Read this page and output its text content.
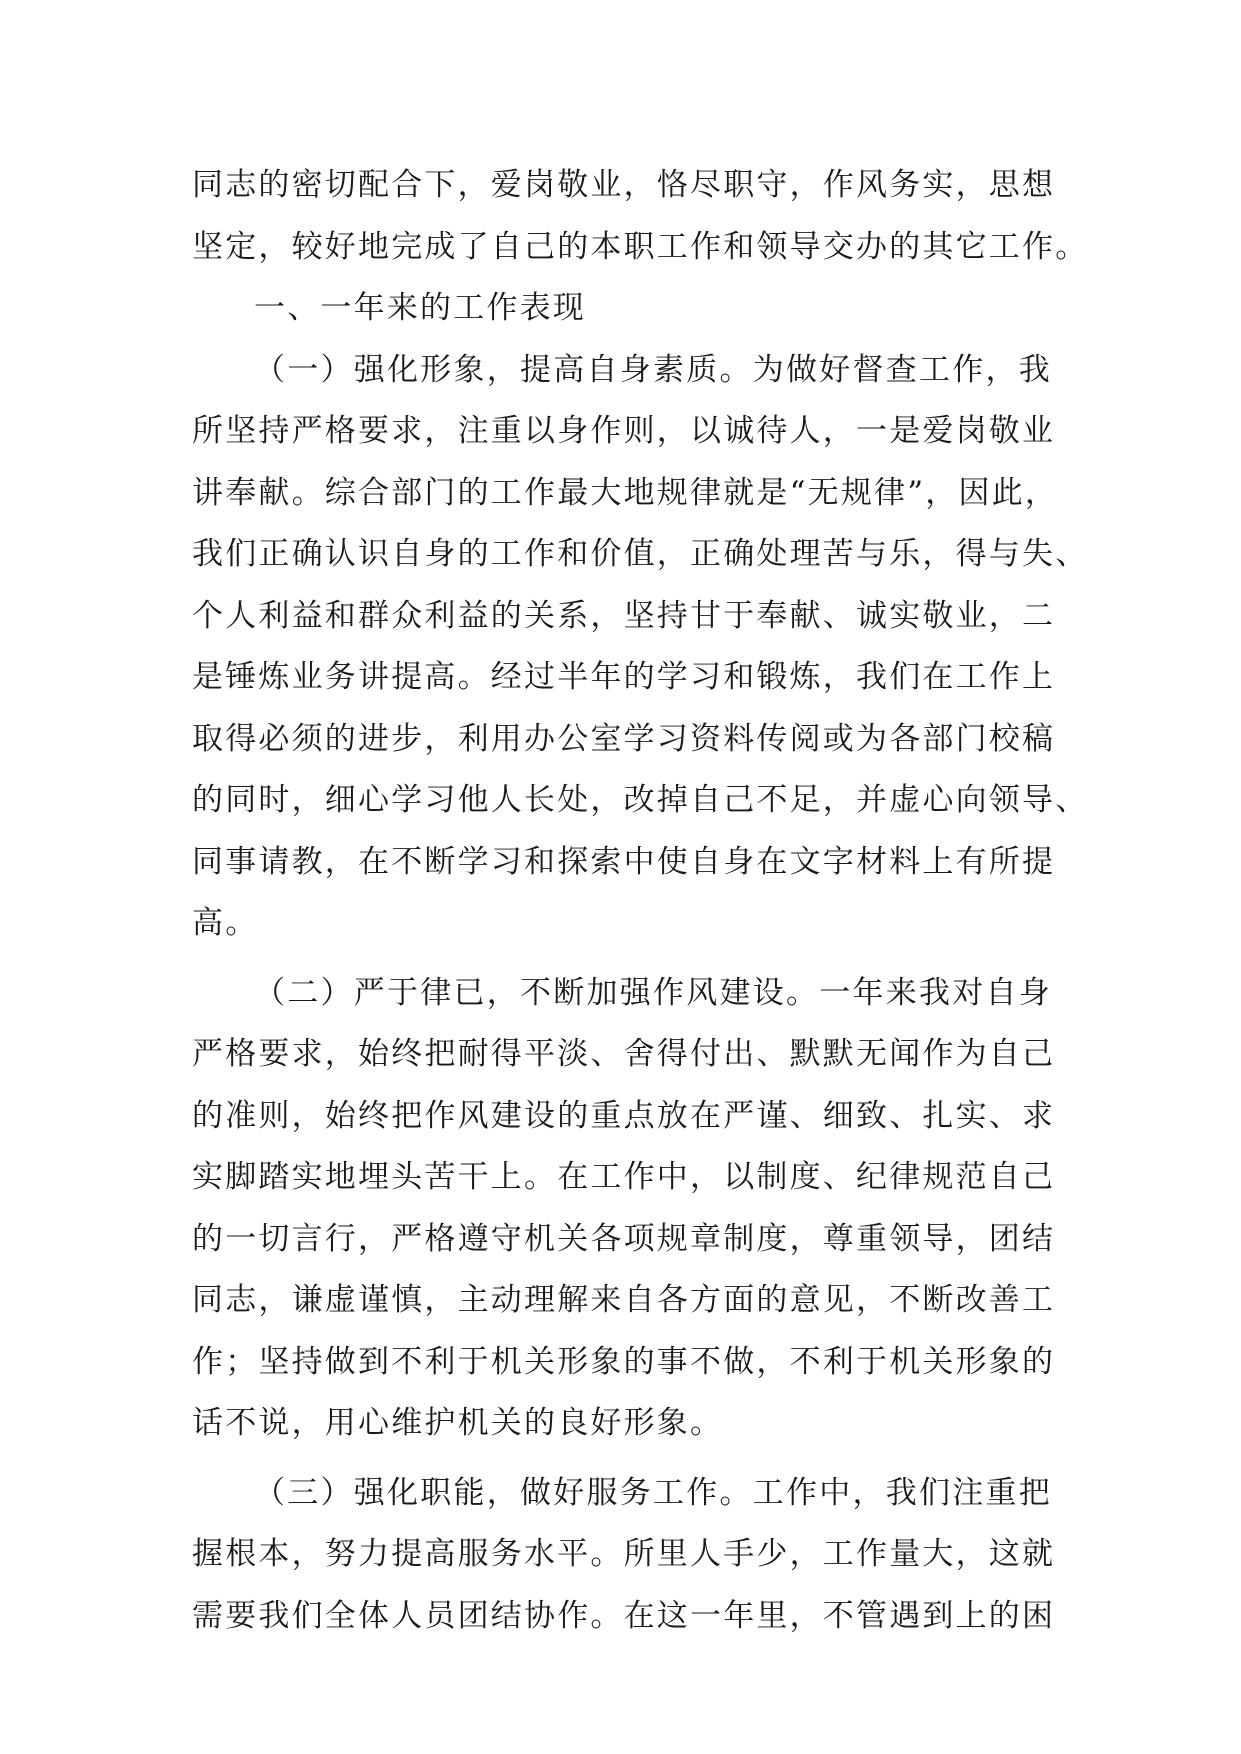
同志的密切配合下，爱岗敬业，恪尽职守，作风务实，思想
坚定，较好地完成了自己的本职工作和领导交办的其它工作。
一、一年来的工作表现
（一）强化形象，提高自身素质。为做好督查工作，我
所坚持严格要求，注重以身作则，以诚待人，一是爱岗敬业
讲奉献。综合部门的工作最大地规律就是“无规律”，因此，
我们正确认识自身的工作和价值，正确处理苦与乐，得与失、
个人利益和群众利益的关系，坚持甘于奉献、诚实敬业，二
是锤炼业务讲提高。经过半年的学习和锻炼，我们在工作上
取得必须的进步，利用办公室学习资料传阅或为各部门校稿
的同时，细心学习他人长处，改掉自己不足，并虚心向领导、
同事请教，在不断学习和探索中使自身在文字材料上有所提
高。
（二）严于律已，不断加强作风建设。一年来我对自身
严格要求，始终把耐得平淡、舍得付出、默默无闻作为自己
的准则，始终把作风建设的重点放在严谨、细致、扎实、求
实脚踏实地埋头苦干上。在工作中，以制度、纪律规范自己
的一切言行，严格遵守机关各项规章制度，尊重领导，团结
同志，谦虚谨慎，主动理解来自各方面的意见，不断改善工
作；坚持做到不利于机关形象的事不做，不利于机关形象的
话不说，用心维护机关的良好形象。
（三）强化职能，做好服务工作。工作中，我们注重把
握根本，努力提高服务水平。所里人手少，工作量大，这就
需要我们全体人员团结协作。在这一年里，不管遇到上的困
